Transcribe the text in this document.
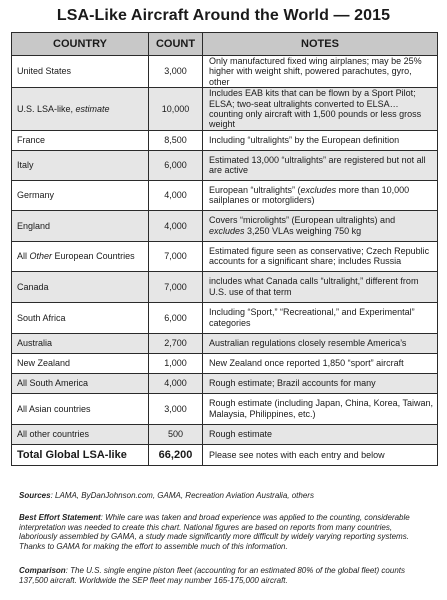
LSA-Like Aircraft Around the World — 2015
COUNTRY	COUNT	NOTES
United States	3,000	Only manufactured fixed wing airplanes; may be 25% higher with weight shift, powered parachutes, gyro, other
U.S. LSA-like, estimate	10,000	Includes EAB kits that can be flown by a Sport Pilot; ELSA; two-seat ultralights converted to ELSA… counting only aircraft with 1,500 pounds or less gross weight
France	8,500	Including “ultralights” by the European definition
Italy	6,000	Estimated 13,000 “ultralights” are registered but not all are active
Germany	4,000	European “ultralights” (excludes more than 10,000 sailplanes or motorgliders)
England	4,000	Covers “microlights” (European ultralights) and excludes 3,250 VLAs weighing 750 kg
All Other European Countries	7,000	Estimated figure seen as conservative; Czech Republic accounts for a significant share; includes Russia
Canada	7,000	includes what Canada calls “ultralight,” different from U.S. use of that term
South Africa	6,000	Including “Sport,” “Recreational,” and Experimental” categories
Australia	2,700	Australian regulations closely resemble America’s
New Zealand	1,000	New Zealand once reported 1,850 “sport” aircraft
All South America	4,000	Rough estimate; Brazil accounts for many
All Asian countries	3,000	Rough estimate (including Japan, China, Korea, Taiwan, Malaysia, Philippines, etc.)
All other countries	500	Rough estimate
Total Global LSA-like	66,200	Please see notes with each entry and below
Sources: LAMA, ByDanJohnson.com, GAMA, Recreation Aviation Australia, others
Best Effort Statement: While care was taken and broad experience was applied to the counting, considerable interpretation was needed to create this chart. National figures are based on reports from many countries, laboriously assembled by GAMA, a study made significantly more difficult by widely varying reporting systems. Thanks to GAMA for making the effort to assemble much of this information.
Comparison: The U.S. single engine piston fleet (accounting for an estimated 80% of the global fleet) counts 137,500 aircraft. Worldwide the SEP fleet may number 165-175,000 aircraft.
